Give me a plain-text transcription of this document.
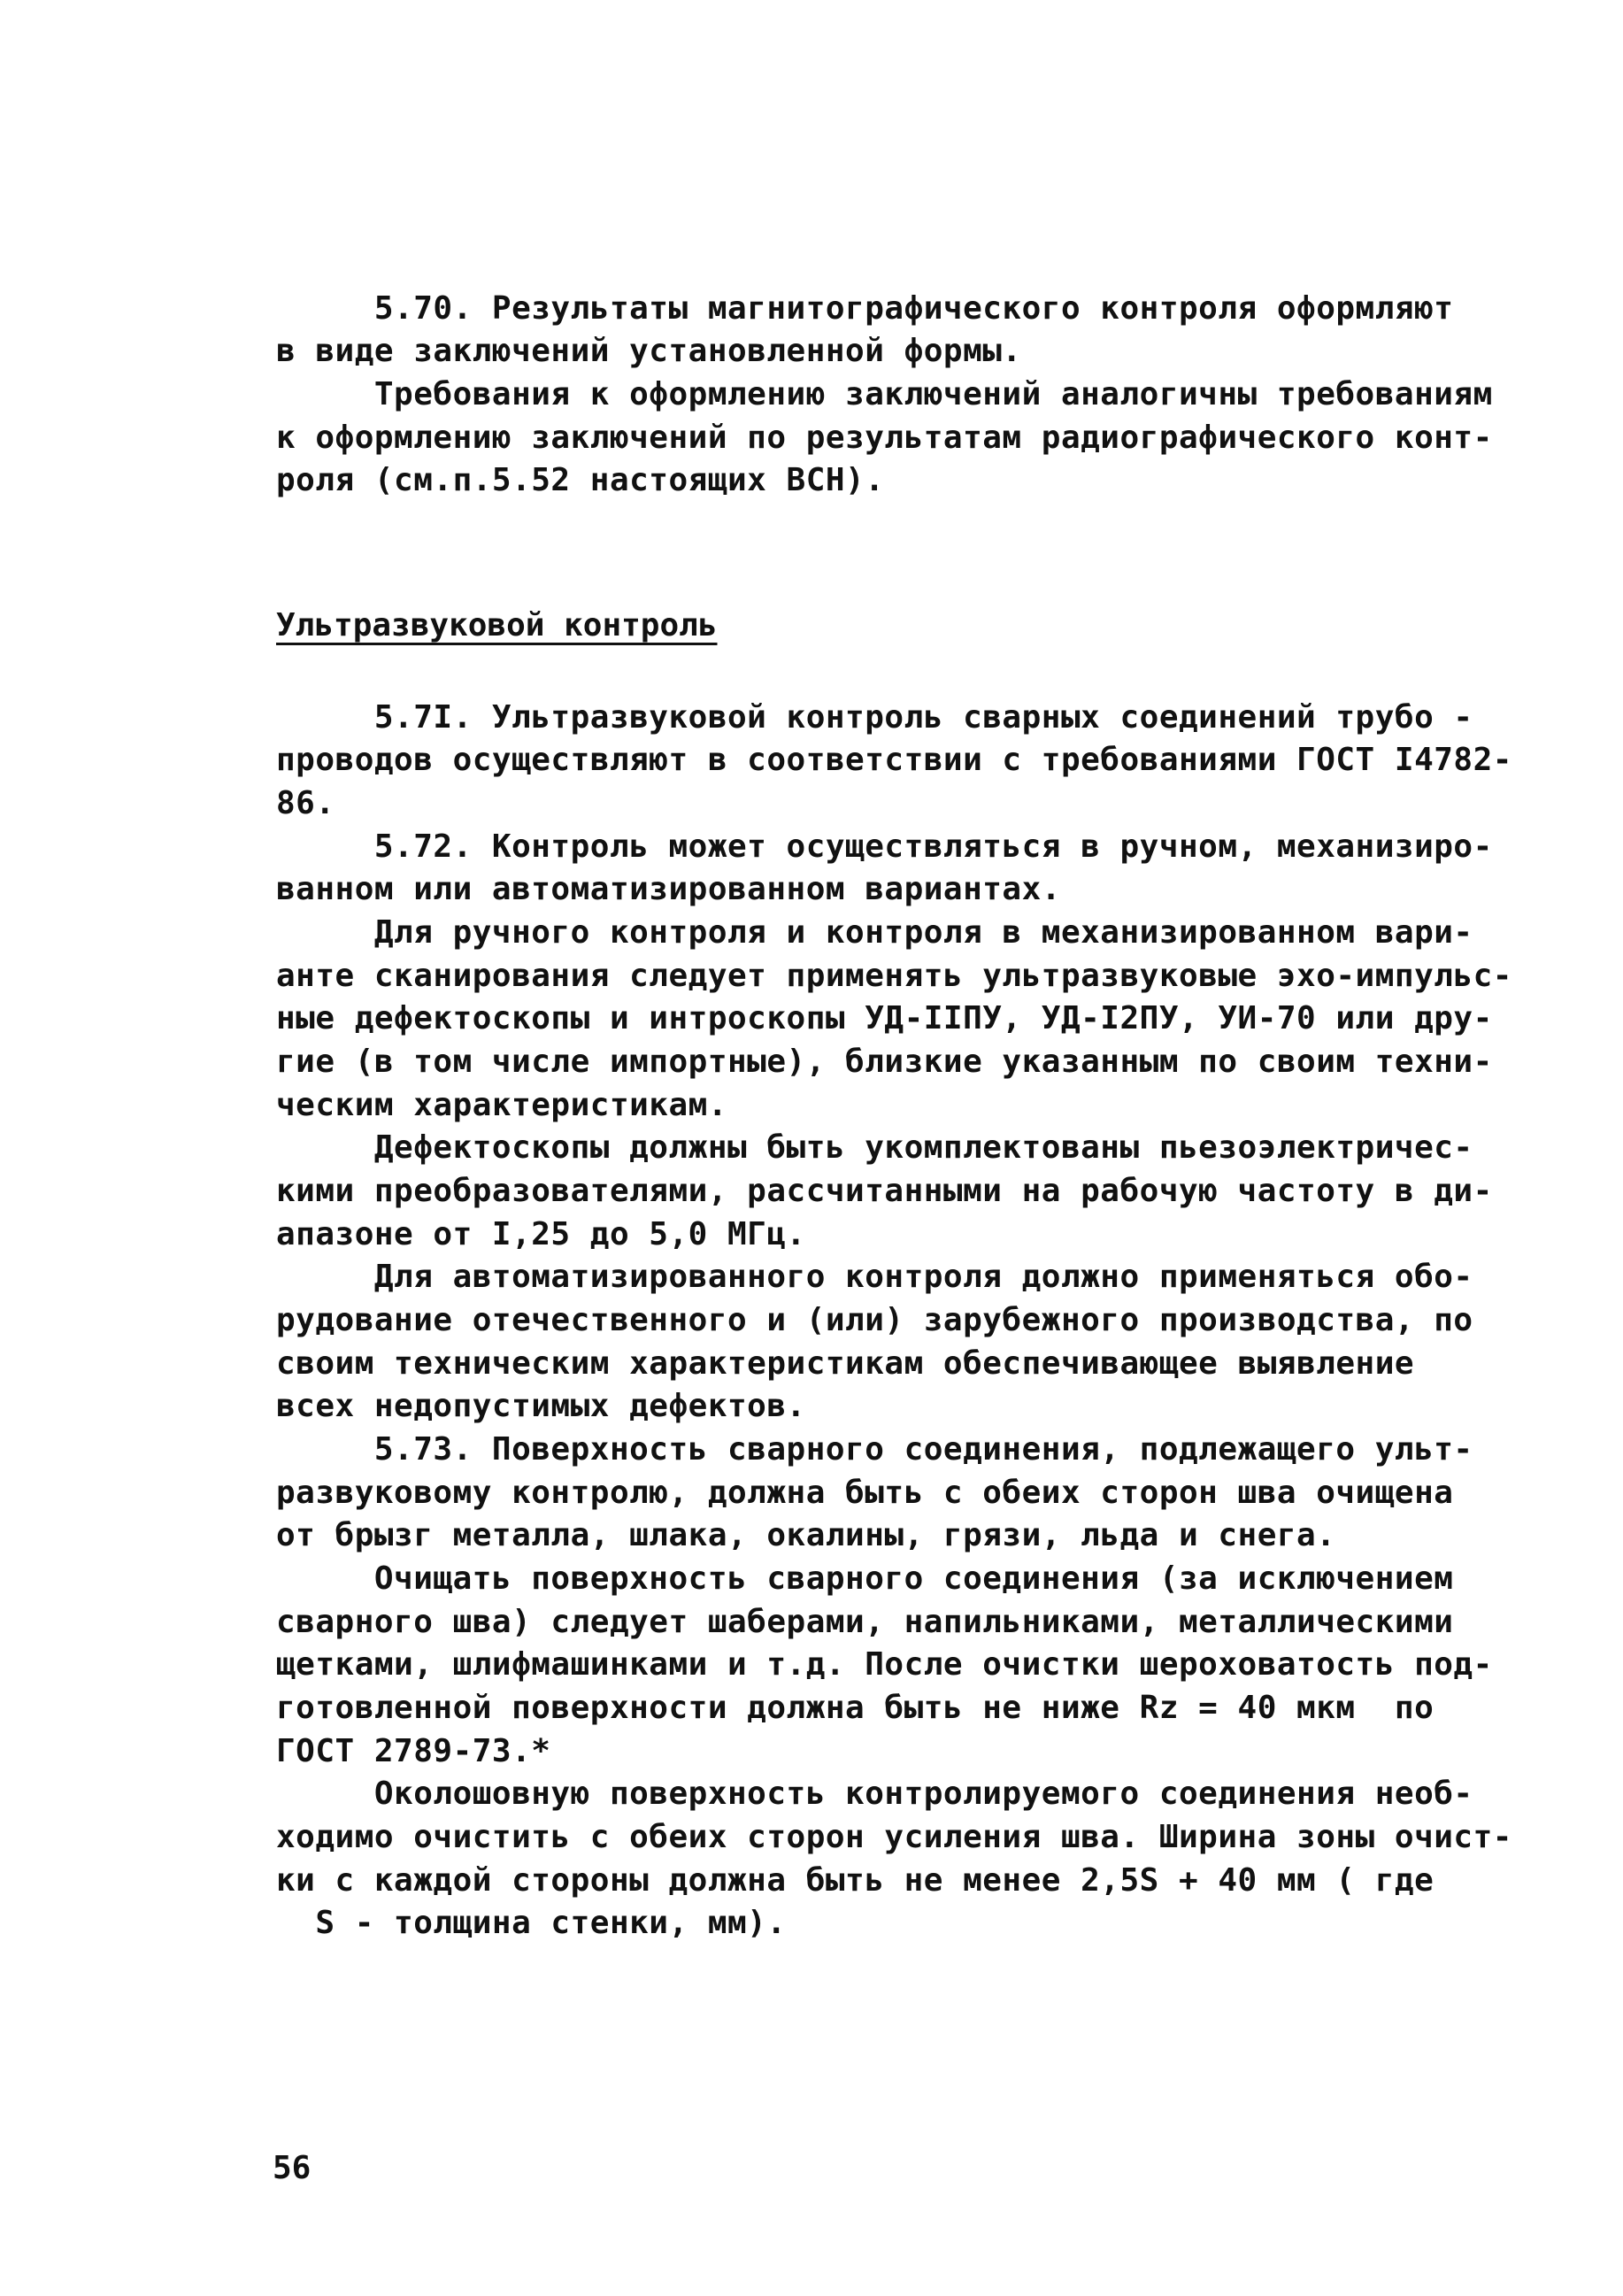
5.70. Результаты магнитографического контроля оформляют
в виде заключений установленной формы.
Требования к оформлению заключений аналогичны требованиям
к оформлению заключений по результатам радиографического конт-
роля (см.п.5.52 настоящих ВСН).
Ультразвуковой контроль
5.7I. Ультразвуковой контроль сварных соединений трубо -
проводов осуществляют в соответствии с требованиями ГОСТ I4782-
86.
5.72. Контроль может осуществляться в ручном, механизиро-
ванном или автоматизированном вариантах.
Для ручного контроля и контроля в механизированном вари-
анте сканирования следует применять ультразвуковые эхо-импульс-
ные дефектоскопы и интроскопы УД-IIПУ, УД-I2ПУ, УИ-70 или дру-
гие (в том числе импортные), близкие указанным по своим техни-
ческим характеристикам.
Дефектоскопы должны быть укомплектованы пьезоэлектричес-
кими преобразователями, рассчитанными на рабочую частоту в ди-
апазоне от I,25 до 5,0 МГц.
Для автоматизированного контроля должно применяться обо-
рудование отечественного и (или) зарубежного производства, по
своим техническим характеристикам обеспечивающее выявление
всех недопустимых дефектов.
5.73. Поверхность сварного соединения, подлежащего ульт-
развуковому контролю, должна быть с обеих сторон шва очищена
от брызг металла, шлака, окалины, грязи, льда и снега.
Очищать поверхность сварного соединения (за исключением
сварного шва) следует шаберами, напильниками, металлическими
щетками, шлифмашинками и т.д. После очистки шероховатость под-
готовленной поверхности должна быть не ниже Rz = 40 мкм  по
ГОСТ 2789-73.*
Околошовную поверхность контролируемого соединения необ-
ходимо очистить с обеих сторон усиления шва. Ширина зоны очист-
ки с каждой стороны должна быть не менее 2,5S + 40 мм ( где
S - толщина стенки, мм).
56
